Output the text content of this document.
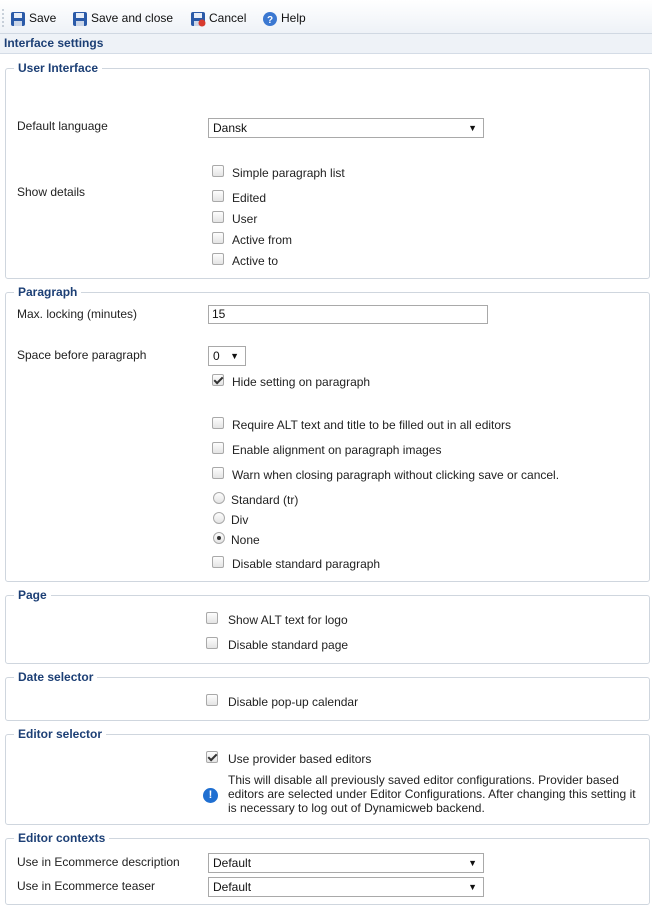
Save	Save and close	Cancel ? Help
Interface settings
User Interface
Default language	Dansk	▼
Show details
Simple paragraph list
Edited
User
Active from
Active to
Paragraph
Max. locking (minutes)	15
Space before paragraph	0 ▼
Hide setting on paragraph
Require ALT text and title to be filled out in all editors
Enable alignment on paragraph images
Warn when closing paragraph without clicking save or cancel.
Standard (tr)
Div
None
Disable standard paragraph
Page
Show ALT text for logo
Disable standard page
Date selector
Disable pop-up calendar
Editor selector
Use provider based editors
!
This will disable all previously saved editor configurations. Provider based editors are selected under Editor Configurations. After changing this setting it is necessary to log out of Dynamicweb backend.
Editor contexts
Use in Ecommerce description	Default	▼
Use in Ecommerce teaser	Default	▼
